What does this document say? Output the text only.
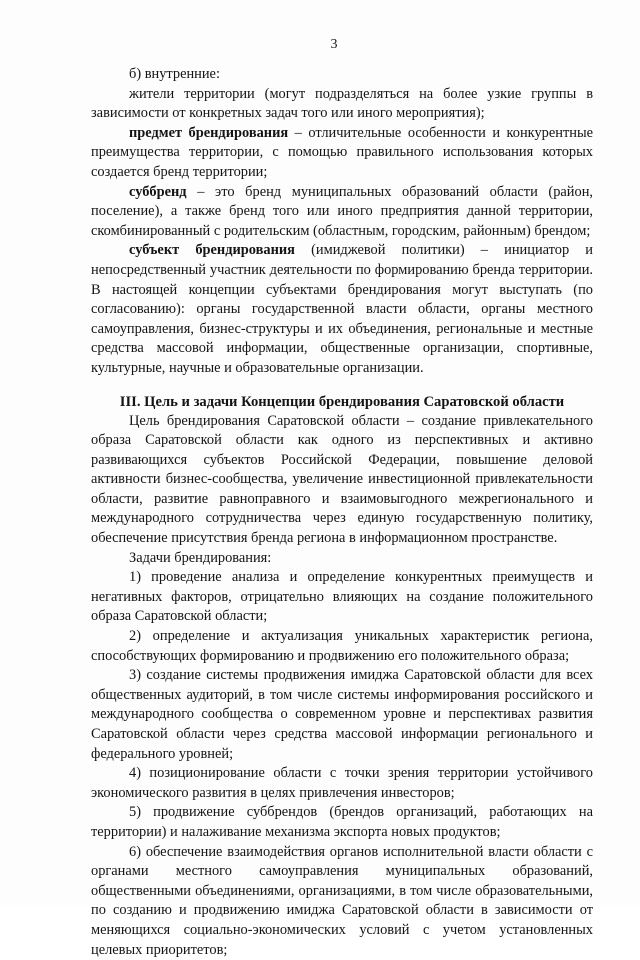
3

б) внутренние:

жители территории (могут подразделяться на более узкие группы в зависимости от конкретных задач того или иного мероприятия);

предмет брендирования – отличительные особенности и конкурентные преимущества территории, с помощью правильного использования которых создается бренд территории;

суббренд – это бренд муниципальных образований области (район, поселение), а также бренд того или иного предприятия данной территории, скомбинированный с родительским (областным, городским, районным) брендом;

субъект брендирования (имиджевой политики) – инициатор и непосредственный участник деятельности по формированию бренда территории. В настоящей концепции субъектами брендирования могут выступать (по согласованию): органы государственной власти области, органы местного самоуправления, бизнес-структуры и их объединения, региональные и местные средства массовой информации, общественные организации, спортивные, культурные, научные и образовательные организации.

III. Цель и задачи Концепции брендирования Саратовской области

Цель брендирования Саратовской области – создание привлекательного образа Саратовской области как одного из перспективных и активно развивающихся субъектов Российской Федерации, повышение деловой активности бизнес-сообщества, увеличение инвестиционной привлекательности области, развитие равноправного и взаимовыгодного межрегионального и международного сотрудничества через единую государственную политику, обеспечение присутствия бренда региона в информационном пространстве.

Задачи брендирования:

1) проведение анализа и определение конкурентных преимуществ и негативных факторов, отрицательно влияющих на создание положительного образа Саратовской области;

2) определение и актуализация уникальных характеристик региона, способствующих формированию и продвижению его положительного образа;

3) создание системы продвижения имиджа Саратовской области для всех общественных аудиторий, в том числе системы информирования российского и международного сообщества о современном уровне и перспективах развития Саратовской области через средства массовой информации регионального и федерального уровней;

4) позиционирование области с точки зрения территории устойчивого экономического развития в целях привлечения инвесторов;

5) продвижение суббрендов (брендов организаций, работающих на территории) и налаживание механизма экспорта новых продуктов;

6) обеспечение взаимодействия органов исполнительной власти области с органами местного самоуправления муниципальных образований, общественными объединениями, организациями, в том числе образовательными, по созданию и продвижению имиджа Саратовской области в зависимости от меняющихся социально-экономических условий с учетом установленных целевых приоритетов;
